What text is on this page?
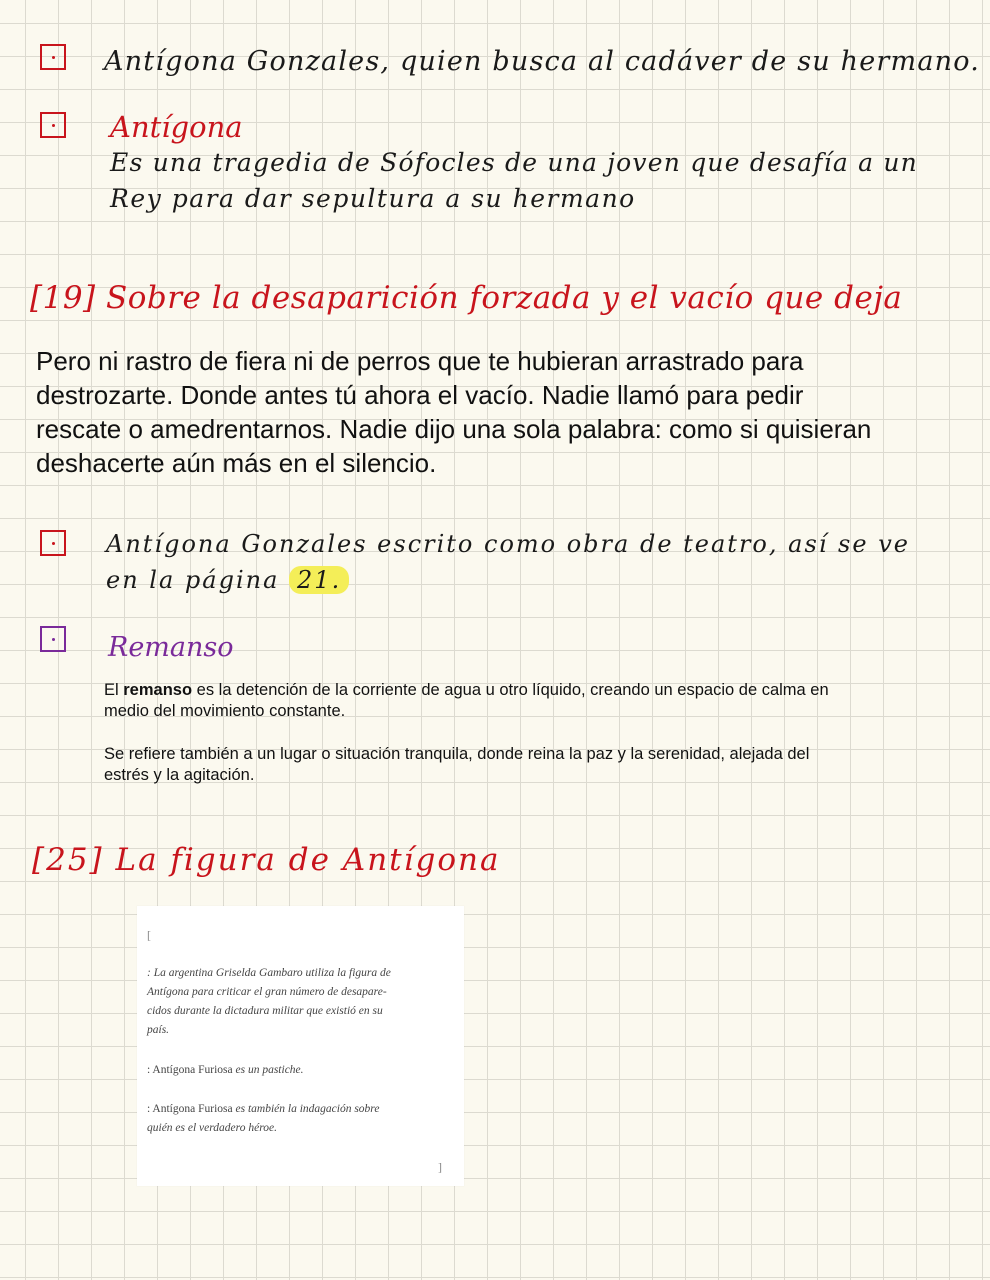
Antígona Gonzales, quien busca al cadáver de su hermano.
Antígona
Es una tragedia de Sófocles de una joven que desafía a un
Rey para dar sepultura a su hermano
[19] Sobre la desaparición forzada y el vacío que deja
Pero ni rastro de fiera ni de perros que te hubieran arrastrado para
destrozarte. Donde antes tú ahora el vacío. Nadie llamó para pedir
rescate o amedrentarnos. Nadie dijo una sola palabra: como si quisieran
deshacerte aún más en el silencio.
Antígona Gonzales escrito como obra de teatro, así se ve
en la página 21.
Remanso
El remanso es la detención de la corriente de agua u otro líquido, creando un espacio de calma en
medio del movimiento constante.
Se refiere también a un lugar o situación tranquila, donde reina la paz y la serenidad, alejada del
estrés y la agitación.
[25] La figura de Antígona
[
: La argentina Griselda Gambaro utiliza la figura de
Antígona para criticar el gran número de desapare-
cidos durante la dictadura militar que existió en su
país.
: Antígona Furiosa es un pastiche.
: Antígona Furiosa es también la indagación sobre
quién es el verdadero héroe.
]
